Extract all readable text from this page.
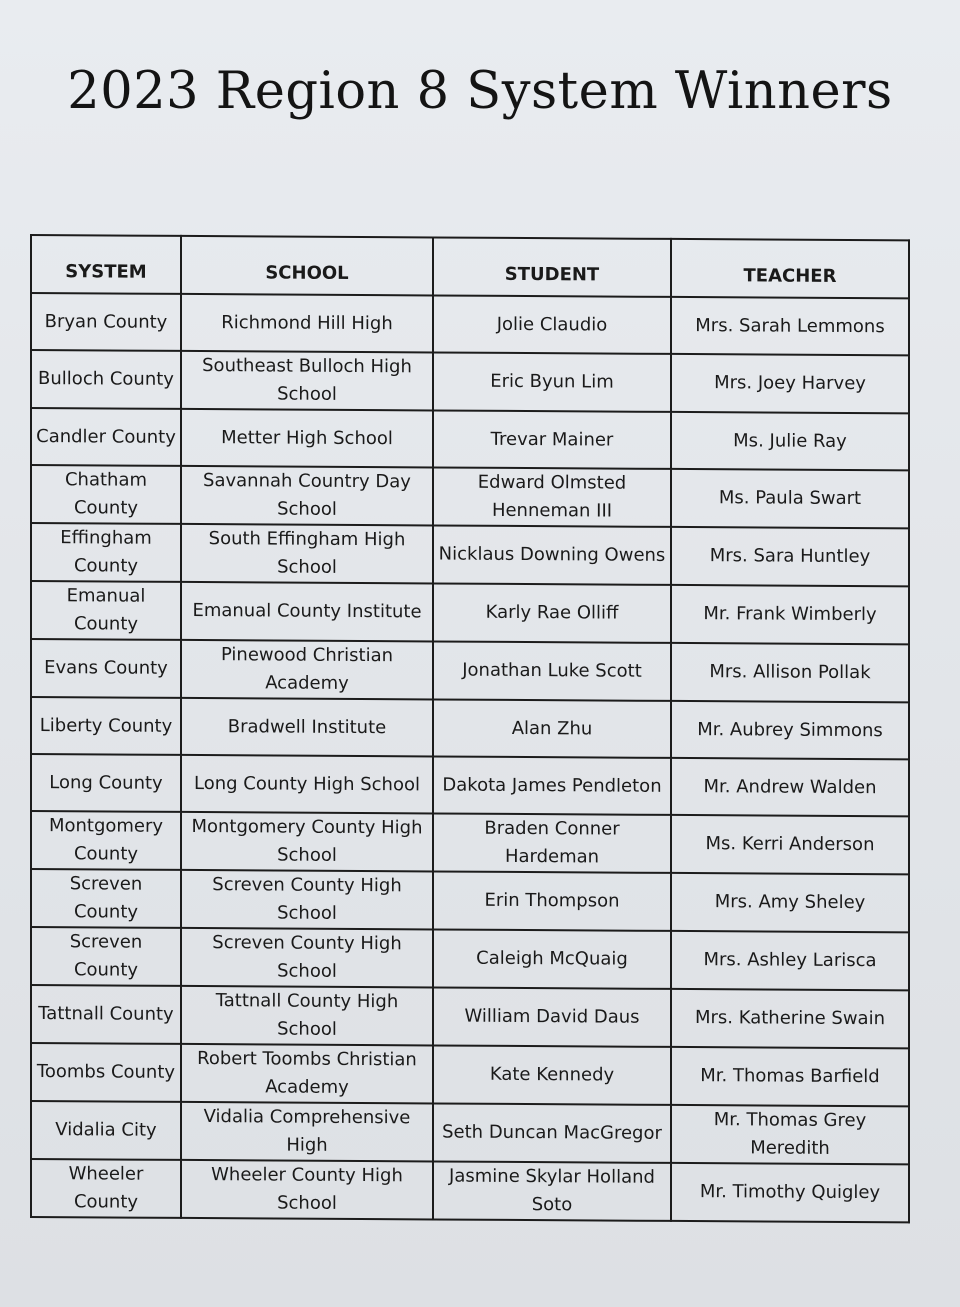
2023 Region 8 System Winners
SYSTEM	SCHOOL	STUDENT	TEACHER
Bryan County	Richmond Hill High	Jolie Claudio	Mrs. Sarah Lemmons
Bulloch County	Southeast Bulloch High School	Eric Byun Lim	Mrs. Joey Harvey
Candler County	Metter High School	Trevar Mainer	Ms. Julie Ray
Chatham County	Savannah Country Day School	Edward Olmsted Henneman III	Ms. Paula Swart
Effingham County	South Effingham High School	Nicklaus Downing Owens	Mrs. Sara Huntley
Emanual County	Emanual County Institute	Karly Rae Olliff	Mr. Frank Wimberly
Evans County	Pinewood Christian Academy	Jonathan Luke Scott	Mrs. Allison Pollak
Liberty County	Bradwell Institute	Alan Zhu	Mr. Aubrey Simmons
Long County	Long County High School	Dakota James Pendleton	Mr. Andrew Walden
Montgomery County	Montgomery County High School	Braden Conner Hardeman	Ms. Kerri Anderson
Screven County	Screven County High School	Erin Thompson	Mrs. Amy Sheley
Screven County	Screven County High School	Caleigh McQuaig	Mrs. Ashley Larisca
Tattnall County	Tattnall County High School	William David Daus	Mrs. Katherine Swain
Toombs County	Robert Toombs Christian Academy	Kate Kennedy	Mr. Thomas Barfield
Vidalia City	Vidalia Comprehensive High	Seth Duncan MacGregor	Mr. Thomas Grey Meredith
Wheeler County	Wheeler County High School	Jasmine Skylar Holland Soto	Mr. Timothy Quigley
